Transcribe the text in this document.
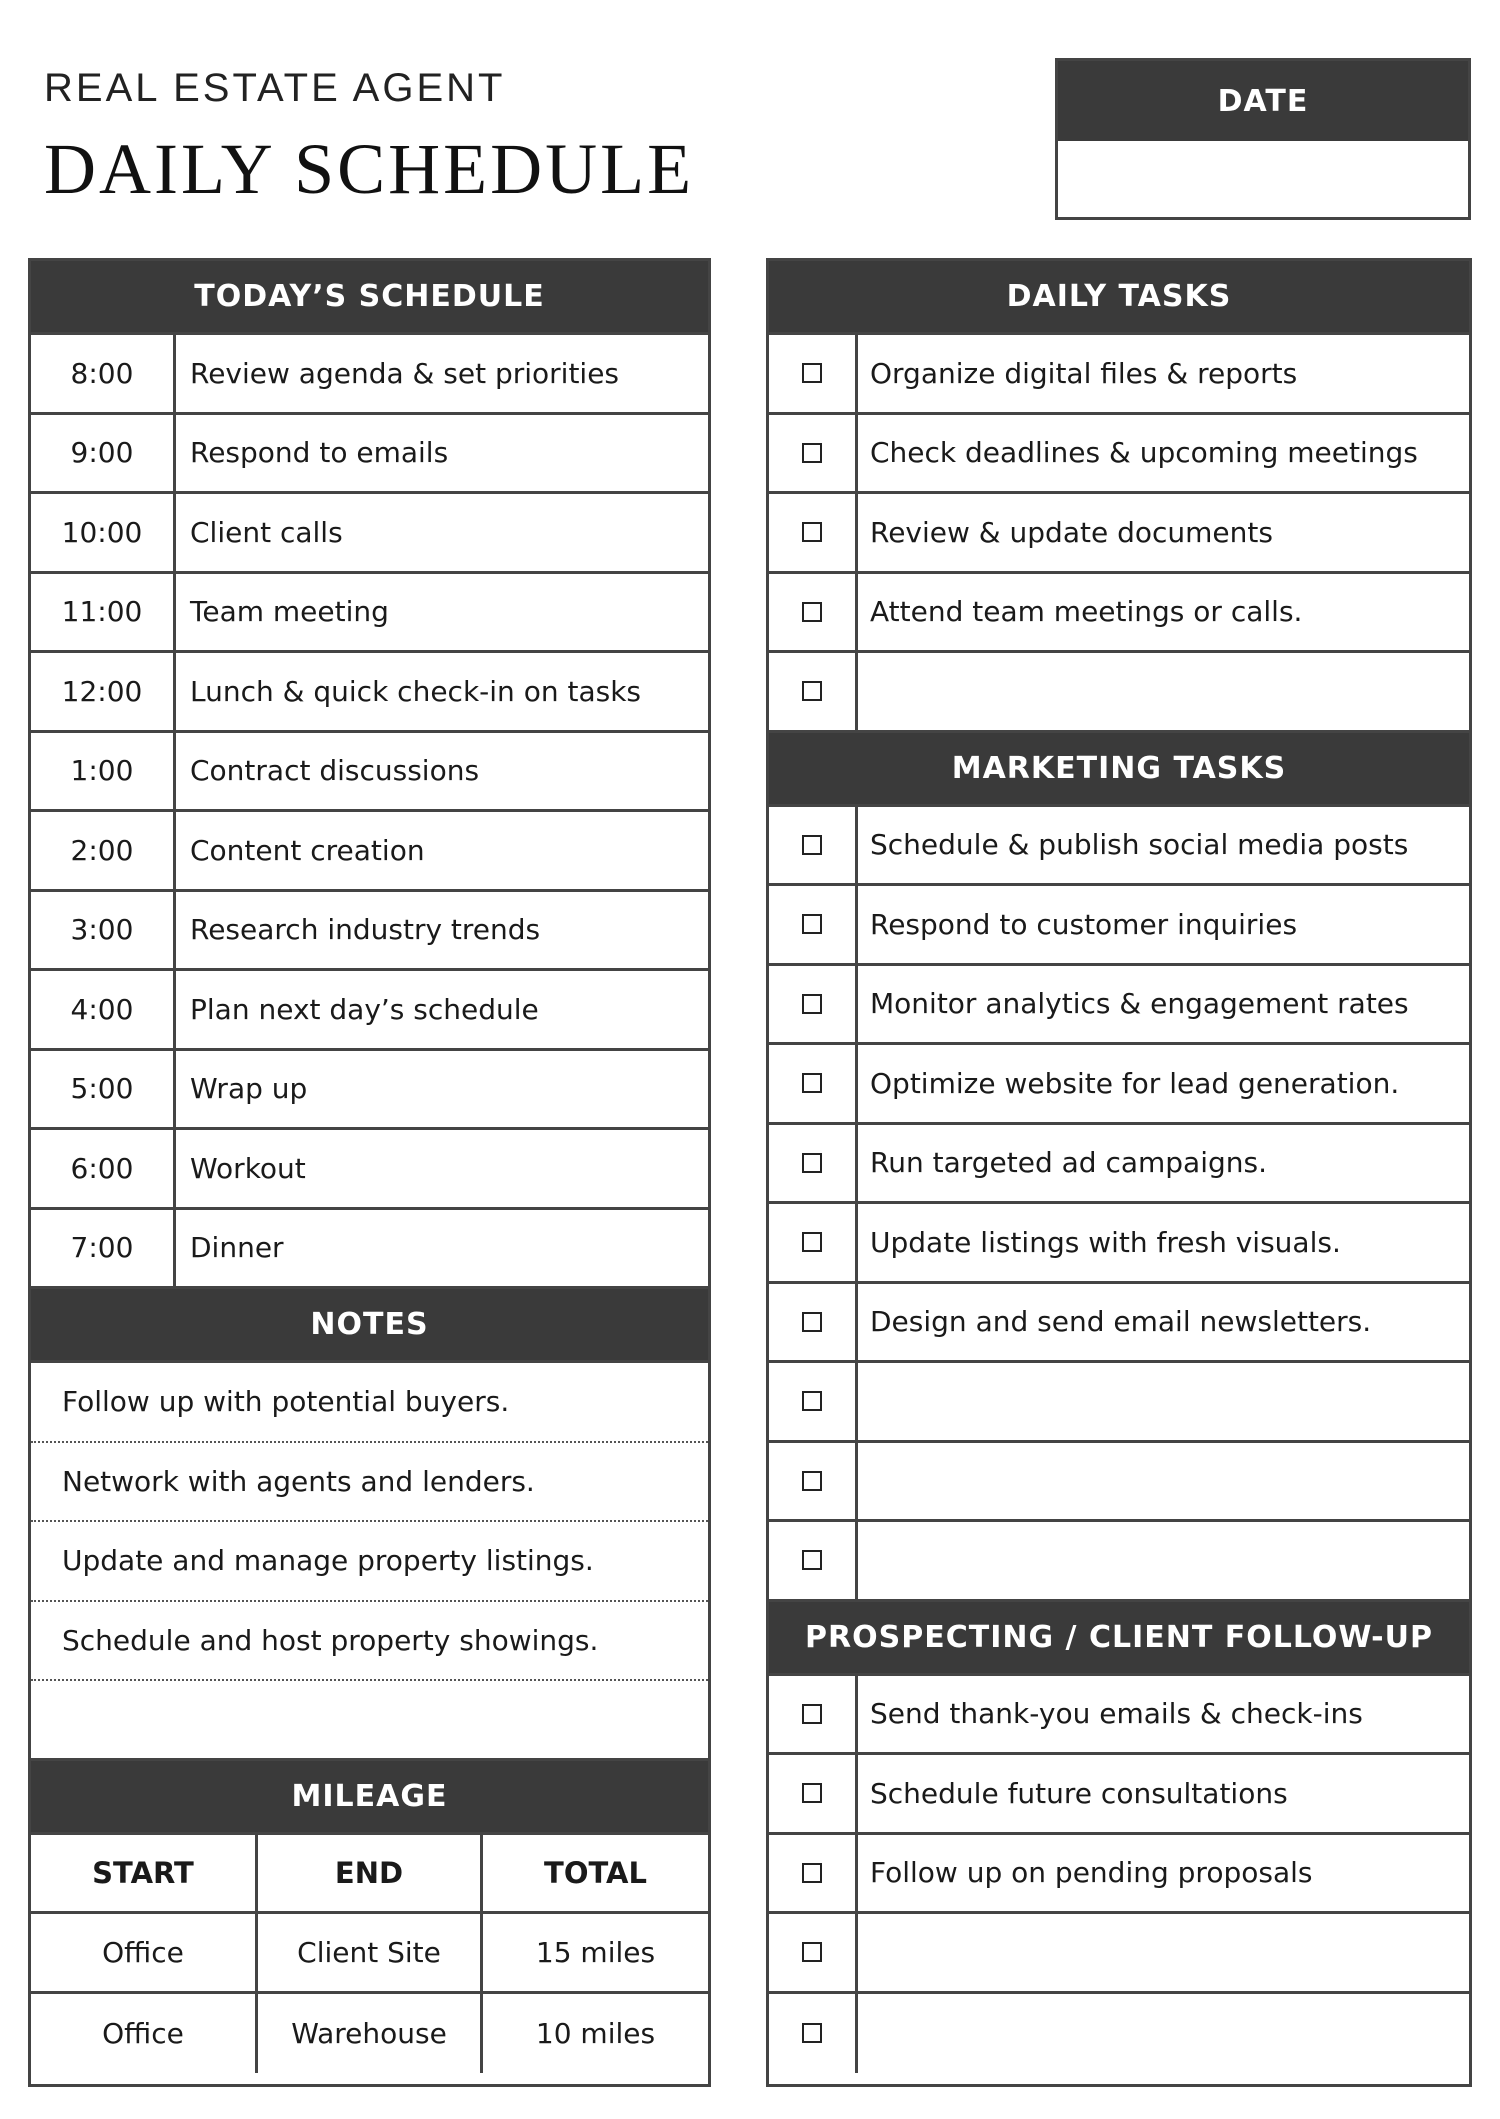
REAL ESTATE AGENT
DAILY SCHEDULE
DATE
TODAY’S SCHEDULE
8:00	Review agenda & set priorities
9:00	Respond to emails
10:00	Client calls
11:00	Team meeting
12:00	Lunch & quick check-in on tasks
1:00	Contract discussions
2:00	Content creation
3:00	Research industry trends
4:00	Plan next day’s schedule
5:00	Wrap up
6:00	Workout
7:00	Dinner
NOTES
Follow up with potential buyers.
Network with agents and lenders.
Update and manage property listings.
Schedule and host property showings.
MILEAGE
START	END	TOTAL
Office	Client Site	15 miles
Office	Warehouse	10 miles
DAILY TASKS
Organize digital files & reports
Check deadlines & upcoming meetings
Review & update documents
Attend team meetings or calls.
MARKETING TASKS
Schedule & publish social media posts
Respond to customer inquiries
Monitor analytics & engagement rates
Optimize website for lead generation.
Run targeted ad campaigns.
Update listings with fresh visuals.
Design and send email newsletters.
PROSPECTING / CLIENT FOLLOW-UP
Send thank-you emails & check-ins
Schedule future consultations
Follow up on pending proposals
